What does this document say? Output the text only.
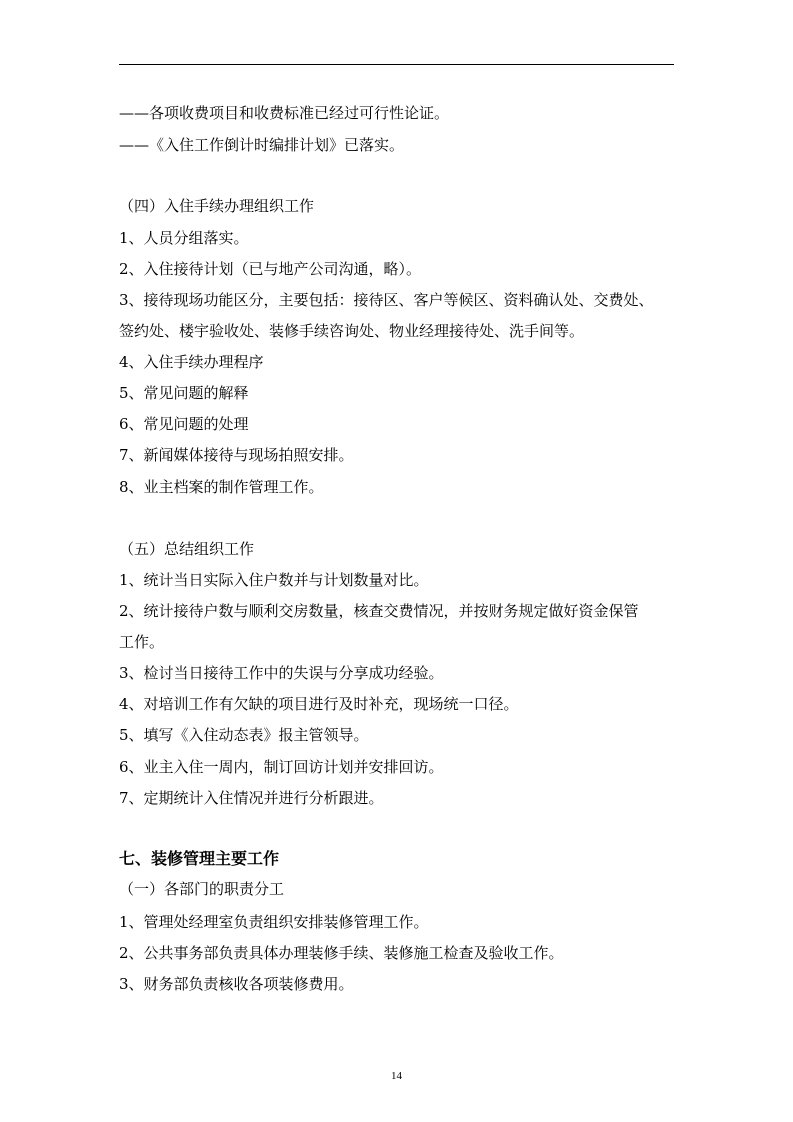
——各项收费项目和收费标准已经过可行性论证。
——《入住工作倒计时编排计划》已落实。
（四）入住手续办理组织工作
1、人员分组落实。
2、入住接待计划（已与地产公司沟通，略）。
3、接待现场功能区分，主要包括：接待区、客户等候区、资料确认处、交费处、
签约处、楼宇验收处、装修手续咨询处、物业经理接待处、洗手间等。
4、入住手续办理程序
5、常见问题的解释
6、常见问题的处理
7、新闻媒体接待与现场拍照安排。
8、业主档案的制作管理工作。
（五）总结组织工作
1、统计当日实际入住户数并与计划数量对比。
2、统计接待户数与顺利交房数量，核查交费情况，并按财务规定做好资金保管
工作。
3、检讨当日接待工作中的失误与分享成功经验。
4、对培训工作有欠缺的项目进行及时补充，现场统一口径。
5、填写《入住动态表》报主管领导。
6、业主入住一周内，制订回访计划并安排回访。
7、定期统计入住情况并进行分析跟进。
七、装修管理主要工作
（一）各部门的职责分工
1、管理处经理室负责组织安排装修管理工作。
2、公共事务部负责具体办理装修手续、装修施工检查及验收工作。
3、财务部负责核收各项装修费用。
14
